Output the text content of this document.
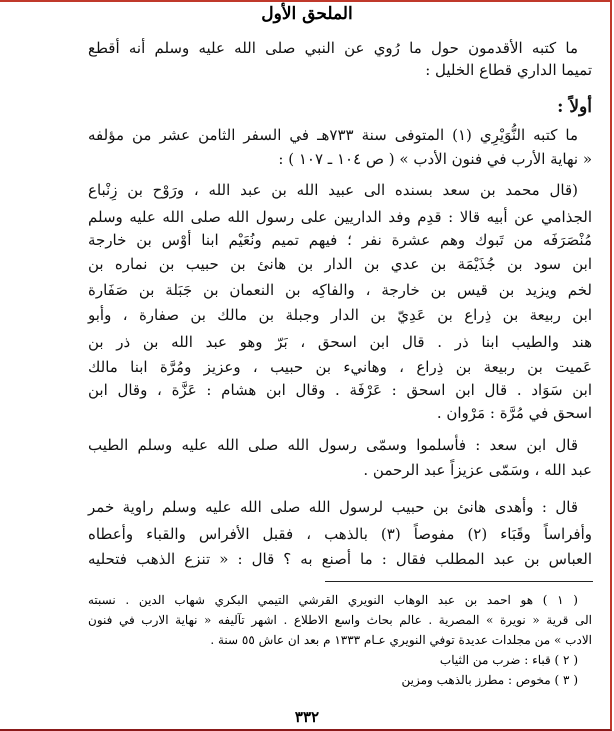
الملحق الأول
ما كتبه الأقدمون حول ما رُوي عن النبي صلى الله عليه وسلم أنه أقطع
تميما الداري قطاع الخليل :
أولاً :
ما كتبه النُّوَيْرِي (١) المتوفى سنة ٧٣٣هـ في السفر الثامن عشر من مؤلفه
« نهاية الأرب في فنون الأدب » ( ص ١٠٤ ـ ١٠٧ ) :
(قال محمد بن سعد بسنده الى عبيد الله بن عبد الله ، ورَوْح بن زِنْباع
الجذامي عن أبيه قالا : قدِم وفد الداريين على رسول الله صلى الله عليه وسلم
مُنْصَرَفَه من تَبوك وهم عشرة نفر ؛ فيهم تميم ونُعَيْم ابنا أوْس بن خارجة
ابن سود بن جُذَيْمَة بن عدي بن الدار بن هانئ بن حبيب بن نماره بن
لخم ويزيد بن قيس بن خارجة ، والفاكِه بن النعمان بن جَبَلة بن صَفَارة
ابن ربيعة بن ذِراع بن عَدِيّ بن الدار وجبلة بن مالك بن صفارة ، وأبو
هند والطيب ابنا ذر . قال ابن اسحق ، بَرّ وهو عبد الله بن ذر بن
عَميت بن ربيعة بن ذِراع ، وهانيء بن حبيب ، وعزيز ومُرَّة ابنا مالك
ابن سَوَاد . قال ابن اسحق : عَرْفَة . وقال ابن هشام : عَزَّة ، وقال ابن
اسحق في مُرَّة : مَرْوان .
قال ابن سعد : فأسلموا وسمّى رسول الله صلى الله عليه وسلم الطيب
عبد الله ، وسَمّى عزيزاً عبد الرحمن .
قال : وأهدى هانئ بن حبيب لرسول الله صلى الله عليه وسلم راوية خمر
وأفراساً وقَبَاء (٢) مفوصاً (٣) بالذهب ، فقبل الأفراس والقباء وأعطاه
العباس بن عبد المطلب فقال : ما أصنع به ؟ قال : « تنزع الذهب فتحليه
( ١ ) هو احمد بن عبد الوهاب النويري القرشي التيمي البكري شهاب الدين . نسبته
الى قرية « نويرة » المصرية . عالم بحاث واسع الاطلاع . اشهر تآليفه « نهاية الارب في فنون
الادب » من مجلدات عديدة توفي النويري عـام ١٣٣٣ م بعد ان عاش ٥٥ سنة .
( ٢ ) قباء : ضرب من الثياب
( ٣ ) مخوص : مطرز بالذهب ومزين
٣٣٢
